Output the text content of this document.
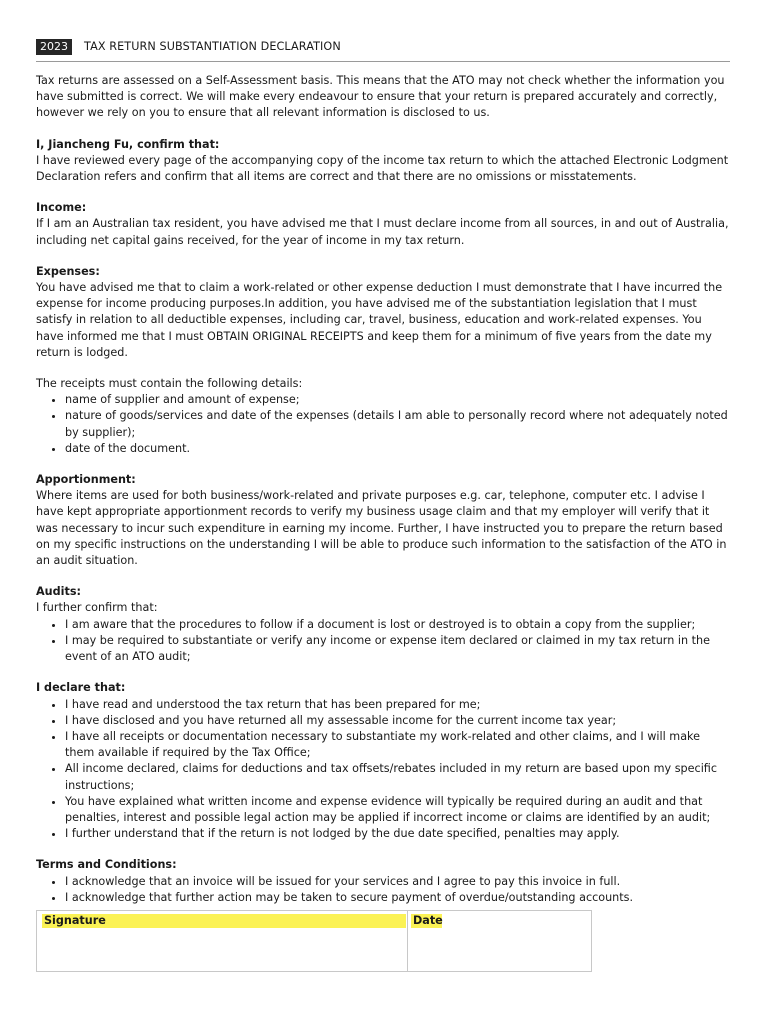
2023	TAX RETURN SUBSTANTIATION DECLARATION

Tax returns are assessed on a Self-Assessment basis. This means that the ATO may not check whether the information you have submitted is correct. We will make every endeavour to ensure that your return is prepared accurately and correctly, however we rely on you to ensure that all relevant information is disclosed to us.

I, Jiancheng Fu, confirm that:

I have reviewed every page of the accompanying copy of the income tax return to which the attached Electronic Lodgment Declaration refers and confirm that all items are correct and that there are no omissions or misstatements.

Income:

If I am an Australian tax resident, you have advised me that I must declare income from all sources, in and out of Australia, including net capital gains received, for the year of income in my tax return.

Expenses:

You have advised me that to claim a work-related or other expense deduction I must demonstrate that I have incurred the expense for income producing purposes.In addition, you have advised me of the substantiation legislation that I must satisfy in relation to all deductible expenses, including car, travel, business, education and work-related expenses. You have informed me that I must OBTAIN ORIGINAL RECEIPTS and keep them for a minimum of five years from the date my return is lodged.

The receipts must contain the following details:

• name of supplier and amount of expense;
• nature of goods/services and date of the expenses (details I am able to personally record where not adequately noted by supplier);
• date of the document.

Apportionment:

Where items are used for both business/work-related and private purposes e.g. car, telephone, computer etc. I advise I have kept appropriate apportionment records to verify my business usage claim and that my employer will verify that it was necessary to incur such expenditure in earning my income. Further, I have instructed you to prepare the return based on my specific instructions on the understanding I will be able to produce such information to the satisfaction of the ATO in an audit situation.

Audits:

I further confirm that:

• I am aware that the procedures to follow if a document is lost or destroyed is to obtain a copy from the supplier;
• I may be required to substantiate or verify any income or expense item declared or claimed in my tax return in the event of an ATO audit;

I declare that:

• I have read and understood the tax return that has been prepared for me;
• I have disclosed and you have returned all my assessable income for the current income tax year;
• I have all receipts or documentation necessary to substantiate my work-related and other claims, and I will make them available if required by the Tax Office;
• All income declared, claims for deductions and tax offsets/rebates included in my return are based upon my specific instructions;
• You have explained what written income and expense evidence will typically be required during an audit and that penalties, interest and possible legal action may be applied if incorrect income or claims are identified by an audit;
• I further understand that if the return is not lodged by the due date specified, penalties may apply.

Terms and Conditions:

• I acknowledge that an invoice will be issued for your services and I agree to pay this invoice in full.
• I acknowledge that further action may be taken to secure payment of overdue/outstanding accounts.
Signature	Date
